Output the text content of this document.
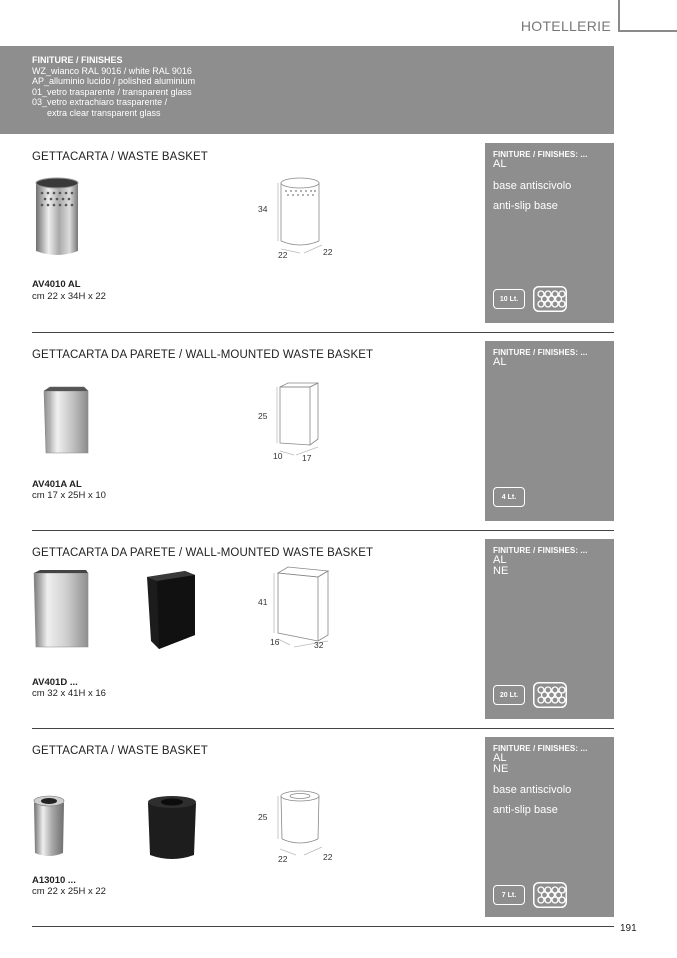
HOTELLERIE
FINITURE / FINISHES
WZ_wianco RAL 9016 / white RAL 9016
AP_alluminio lucido / polished aluminium
01_vetro trasparente / transparent glass
03_vetro extrachiaro trasparente /
extra clear transparent glass
GETTACARTA / WASTE BASKET
34
22	22
AV4010 AL
cm 22 x 34H x 22
FINITURE / FINISHES: ...
AL
base antiscivolo
anti-slip base
10 Lt.
GETTACARTA DA PARETE / WALL-MOUNTED WASTE BASKET
25
10 17
AV401A AL
cm 17 x 25H x 10
FINITURE / FINISHES: ...
AL
4 Lt.
GETTACARTA DA PARETE / WALL-MOUNTED WASTE BASKET
41
16	32
AV401D ...
cm 32 x 41H x 16
FINITURE / FINISHES: ...
AL
NE
20 Lt.
GETTACARTA / WASTE BASKET
25
22	22
A13010 ...
cm 22 x 25H x 22
FINITURE / FINISHES: ...
AL
NE
base antiscivolo
anti-slip base
7 Lt.
191
